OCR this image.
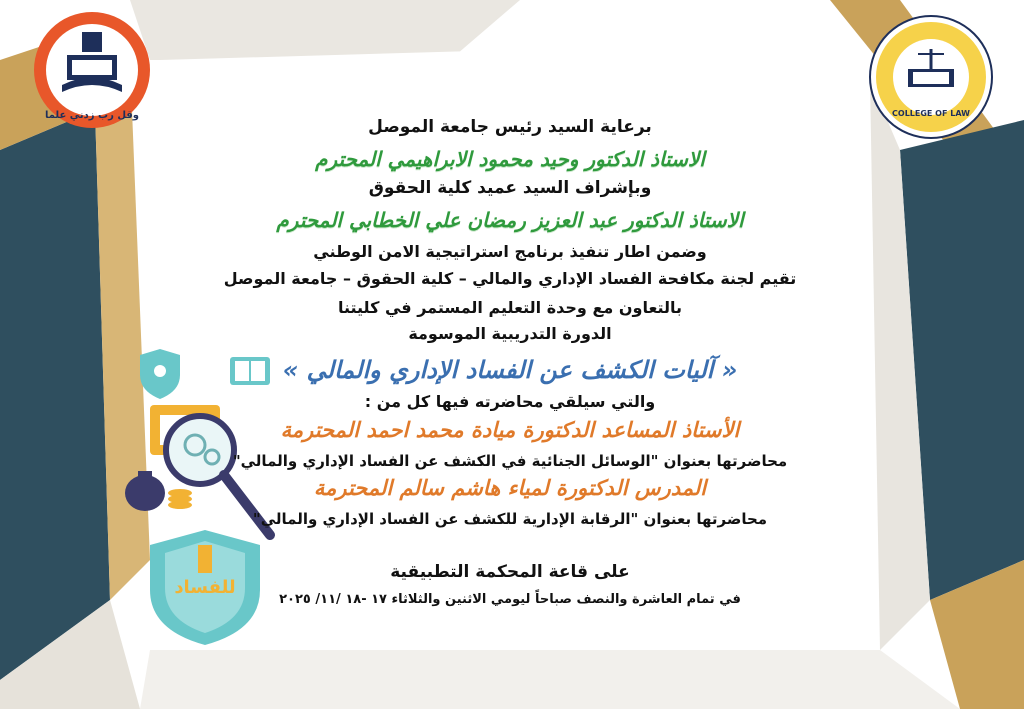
وقل رب زدني علما	COLLEGE OF LAW
للفساد
برعاية السيد رئيس جامعة الموصل
الاستاذ الدكتور وحيد محمود الابراهيمي المحترم
وبإشراف السيد عميد كلية الحقوق
الاستاذ الدكتور عبد العزيز رمضان علي الخطابي المحترم
وضمن اطار تنفيذ برنامج استراتيجية الامن الوطني
تقيم لجنة مكافحة الفساد الإداري والمالي – كلية الحقوق – جامعة الموصل
بالتعاون مع وحدة التعليم المستمر في كليتنا
الدورة التدريبية الموسومة
« آليات الكشف عن الفساد الإداري والمالي »
والتي سيلقي محاضرته فيها كل من :
الأستاذ المساعد الدكتورة ميادة محمد احمد المحترمة
محاضرتها بعنوان "الوسائل الجنائية في الكشف عن الفساد الإداري والمالي"
المدرس الدكتورة لمياء هاشم سالم المحترمة
محاضرتها بعنوان "الرقابة الإدارية للكشف عن الفساد الإداري والمالي"
على قاعة المحكمة التطبيقية
في تمام العاشرة والنصف صباحاً ليومي الاثنين والثلاثاء ١٧ -١٨ /١١/ ٢٠٢٥
